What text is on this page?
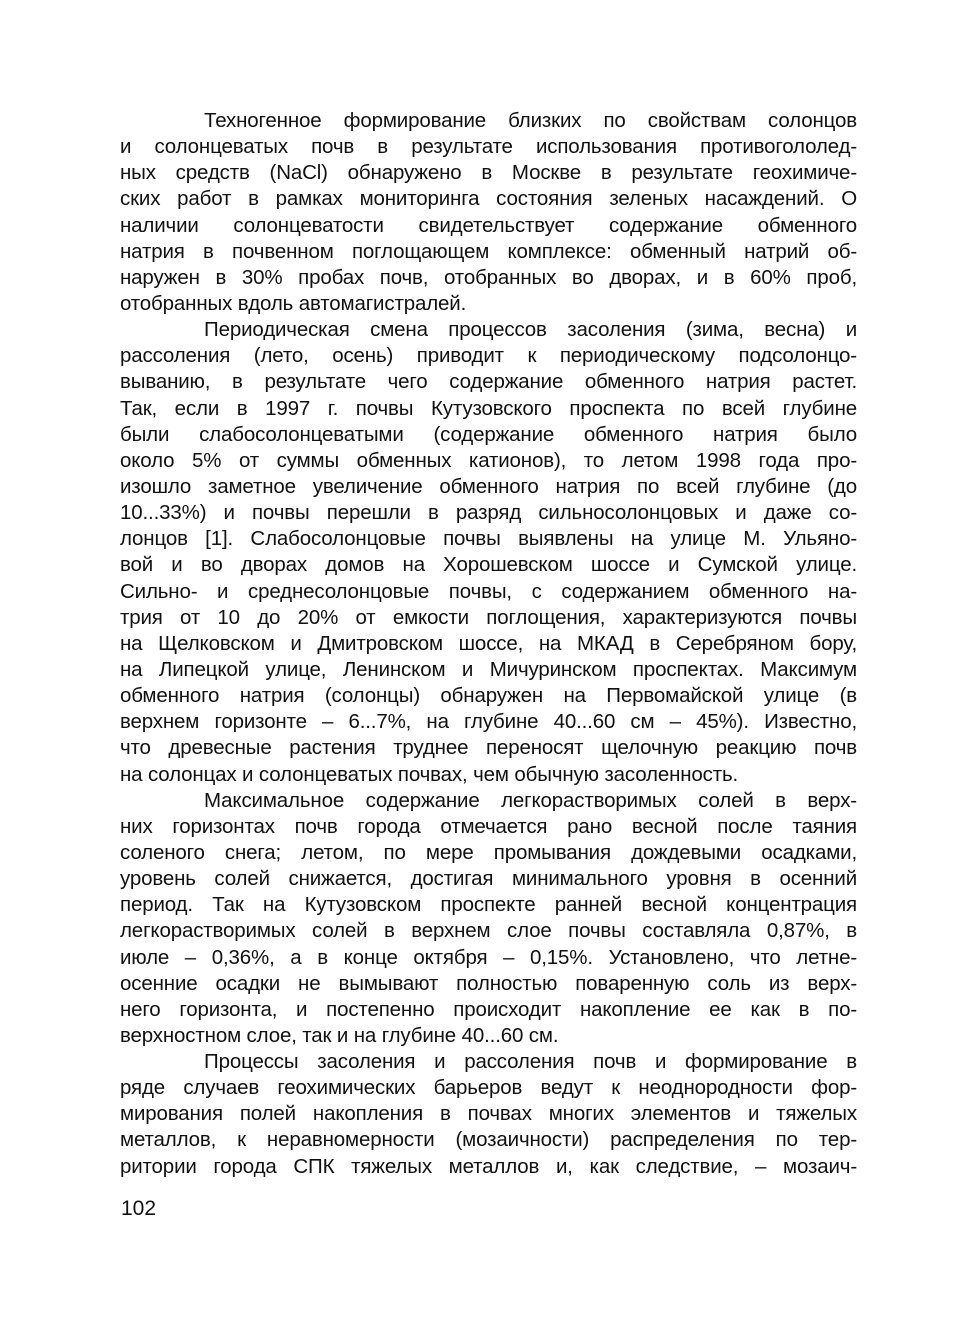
Техногенное формирование близких по свойствам солонцов
и солонцеватых почв в результате использования противогололед-
ных средств (NaCl) обнаружено в Москве в результате геохимиче-
ских работ в рамках мониторинга состояния зеленых насаждений. О
наличии солонцеватости свидетельствует содержание обменного
натрия в почвенном поглощающем комплексе: обменный натрий об-
наружен в 30% пробах почв, отобранных во дворах, и в 60% проб,
отобранных вдоль автомагистралей.
Периодическая смена процессов засоления (зима, весна) и
рассоления (лето, осень) приводит к периодическому подсолонцо-
выванию, в результате чего содержание обменного натрия растет.
Так, если в 1997 г. почвы Кутузовского проспекта по всей глубине
были слабосолонцеватыми (содержание обменного натрия было
около 5% от суммы обменных катионов), то летом 1998 года про-
изошло заметное увеличение обменного натрия по всей глубине (до
10...33%) и почвы перешли в разряд сильносолонцовых и даже со-
лонцов [1]. Слабосолонцовые почвы выявлены на улице М. Ульяно-
вой и во дворах домов на Хорошевском шоссе и Сумской улице.
Сильно- и среднесолонцовые почвы, с содержанием обменного на-
трия от 10 до 20% от емкости поглощения, характеризуются почвы
на Щелковском и Дмитровском шоссе, на МКАД в Серебряном бору,
на Липецкой улице, Ленинском и Мичуринском проспектах. Максимум
обменного натрия (солонцы) обнаружен на Первомайской улице (в
верхнем горизонте – 6...7%, на глубине 40...60 см – 45%). Известно,
что древесные растения труднее переносят щелочную реакцию почв
на солонцах и солонцеватых почвах, чем обычную засоленность.
Максимальное содержание легкорастворимых солей в верх-
них горизонтах почв города отмечается рано весной после таяния
соленого снега; летом, по мере промывания дождевыми осадками,
уровень солей снижается, достигая минимального уровня в осенний
период. Так на Кутузовском проспекте ранней весной концентрация
легкорастворимых солей в верхнем слое почвы составляла 0,87%, в
июле – 0,36%, а в конце октября – 0,15%. Установлено, что летне-
осенние осадки не вымывают полностью поваренную соль из верх-
него горизонта, и постепенно происходит накопление ее как в по-
верхностном слое, так и на глубине 40...60 см.
Процессы засоления и рассоления почв и формирование в
ряде случаев геохимических барьеров ведут к неоднородности фор-
мирования полей накопления в почвах многих элементов и тяжелых
металлов, к неравномерности (мозаичности) распределения по тер-
ритории города СПК тяжелых металлов и, как следствие, – мозаич-
102
